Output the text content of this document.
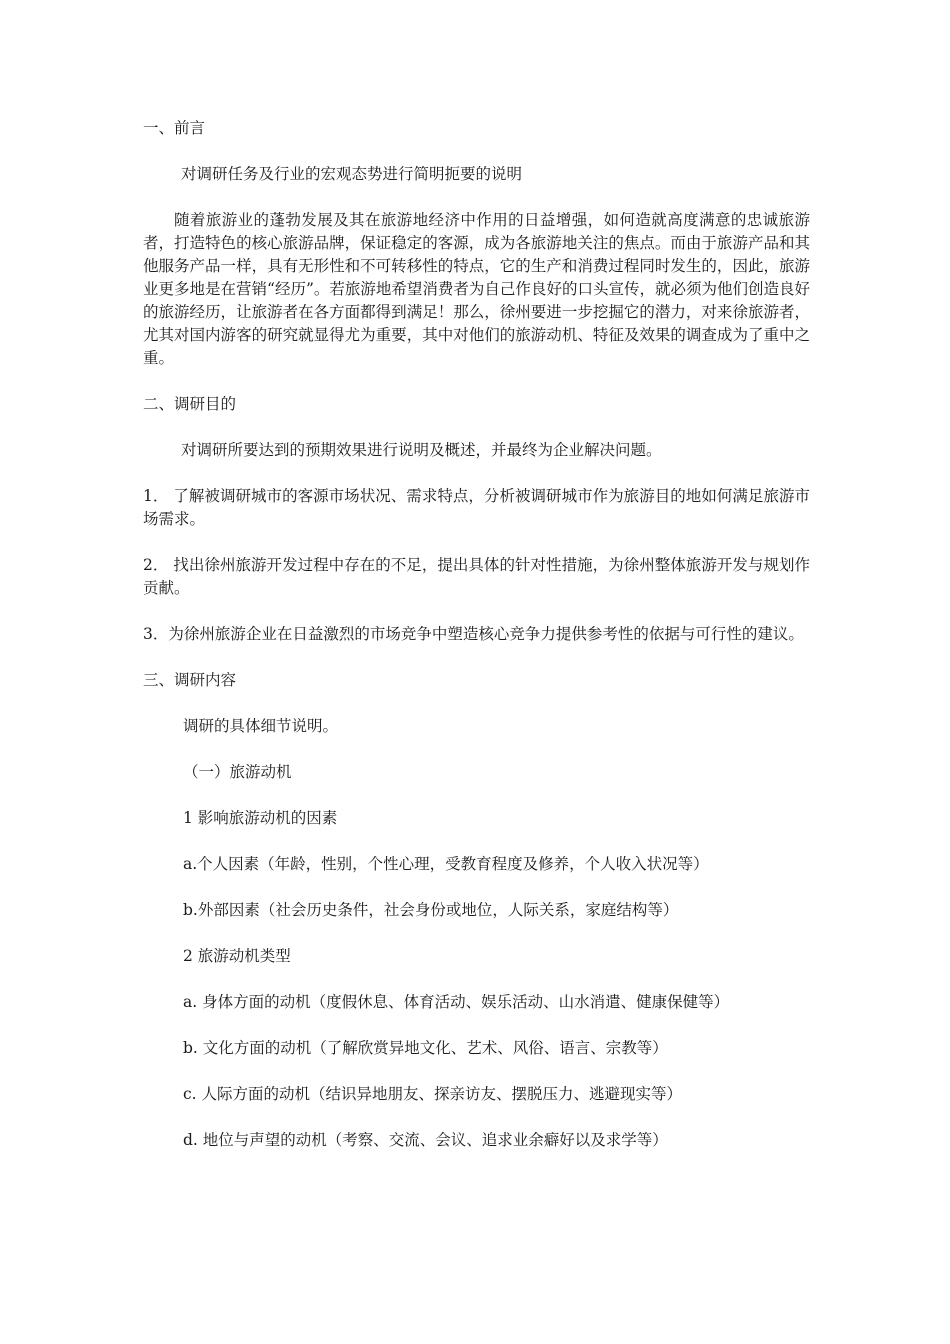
一、前言

对调研任务及行业的宏观态势进行简明扼要的说明

随着旅游业的蓬勃发展及其在旅游地经济中作用的日益增强，如何造就高度满意的忠诚旅游者，打造特色的核心旅游品牌，保证稳定的客源，成为各旅游地关注的焦点。而由于旅游产品和其他服务产品一样，具有无形性和不可转移性的特点，它的生产和消费过程同时发生的，因此，旅游业更多地是在营销“经历”。若旅游地希望消费者为自己作良好的口头宣传，就必须为他们创造良好的旅游经历，让旅游者在各方面都得到满足！那么，徐州要进一步挖掘它的潜力，对来徐旅游者，尤其对国内游客的研究就显得尤为重要，其中对他们的旅游动机、特征及效果的调查成为了重中之重。

二、调研目的

对调研所要达到的预期效果进行说明及概述，并最终为企业解决问题。

1． 了解被调研城市的客源市场状况、需求特点，分析被调研城市作为旅游目的地如何满足旅游市场需求。

2． 找出徐州旅游开发过程中存在的不足，提出具体的针对性措施，为徐州整体旅游开发与规划作贡献。

3．为徐州旅游企业在日益激烈的市场竞争中塑造核心竞争力提供参考性的依据与可行性的建议。

三、调研内容

调研的具体细节说明。

（一）旅游动机

1 影响旅游动机的因素

a.个人因素（年龄，性别，个性心理，受教育程度及修养，个人收入状况等）

b.外部因素（社会历史条件，社会身份或地位，人际关系，家庭结构等）

2 旅游动机类型

a. 身体方面的动机（度假休息、体育活动、娱乐活动、山水消遣、健康保健等）

b. 文化方面的动机（了解欣赏异地文化、艺术、风俗、语言、宗教等）

c. 人际方面的动机（结识异地朋友、探亲访友、摆脱压力、逃避现实等）

d. 地位与声望的动机（考察、交流、会议、追求业余癖好以及求学等）
